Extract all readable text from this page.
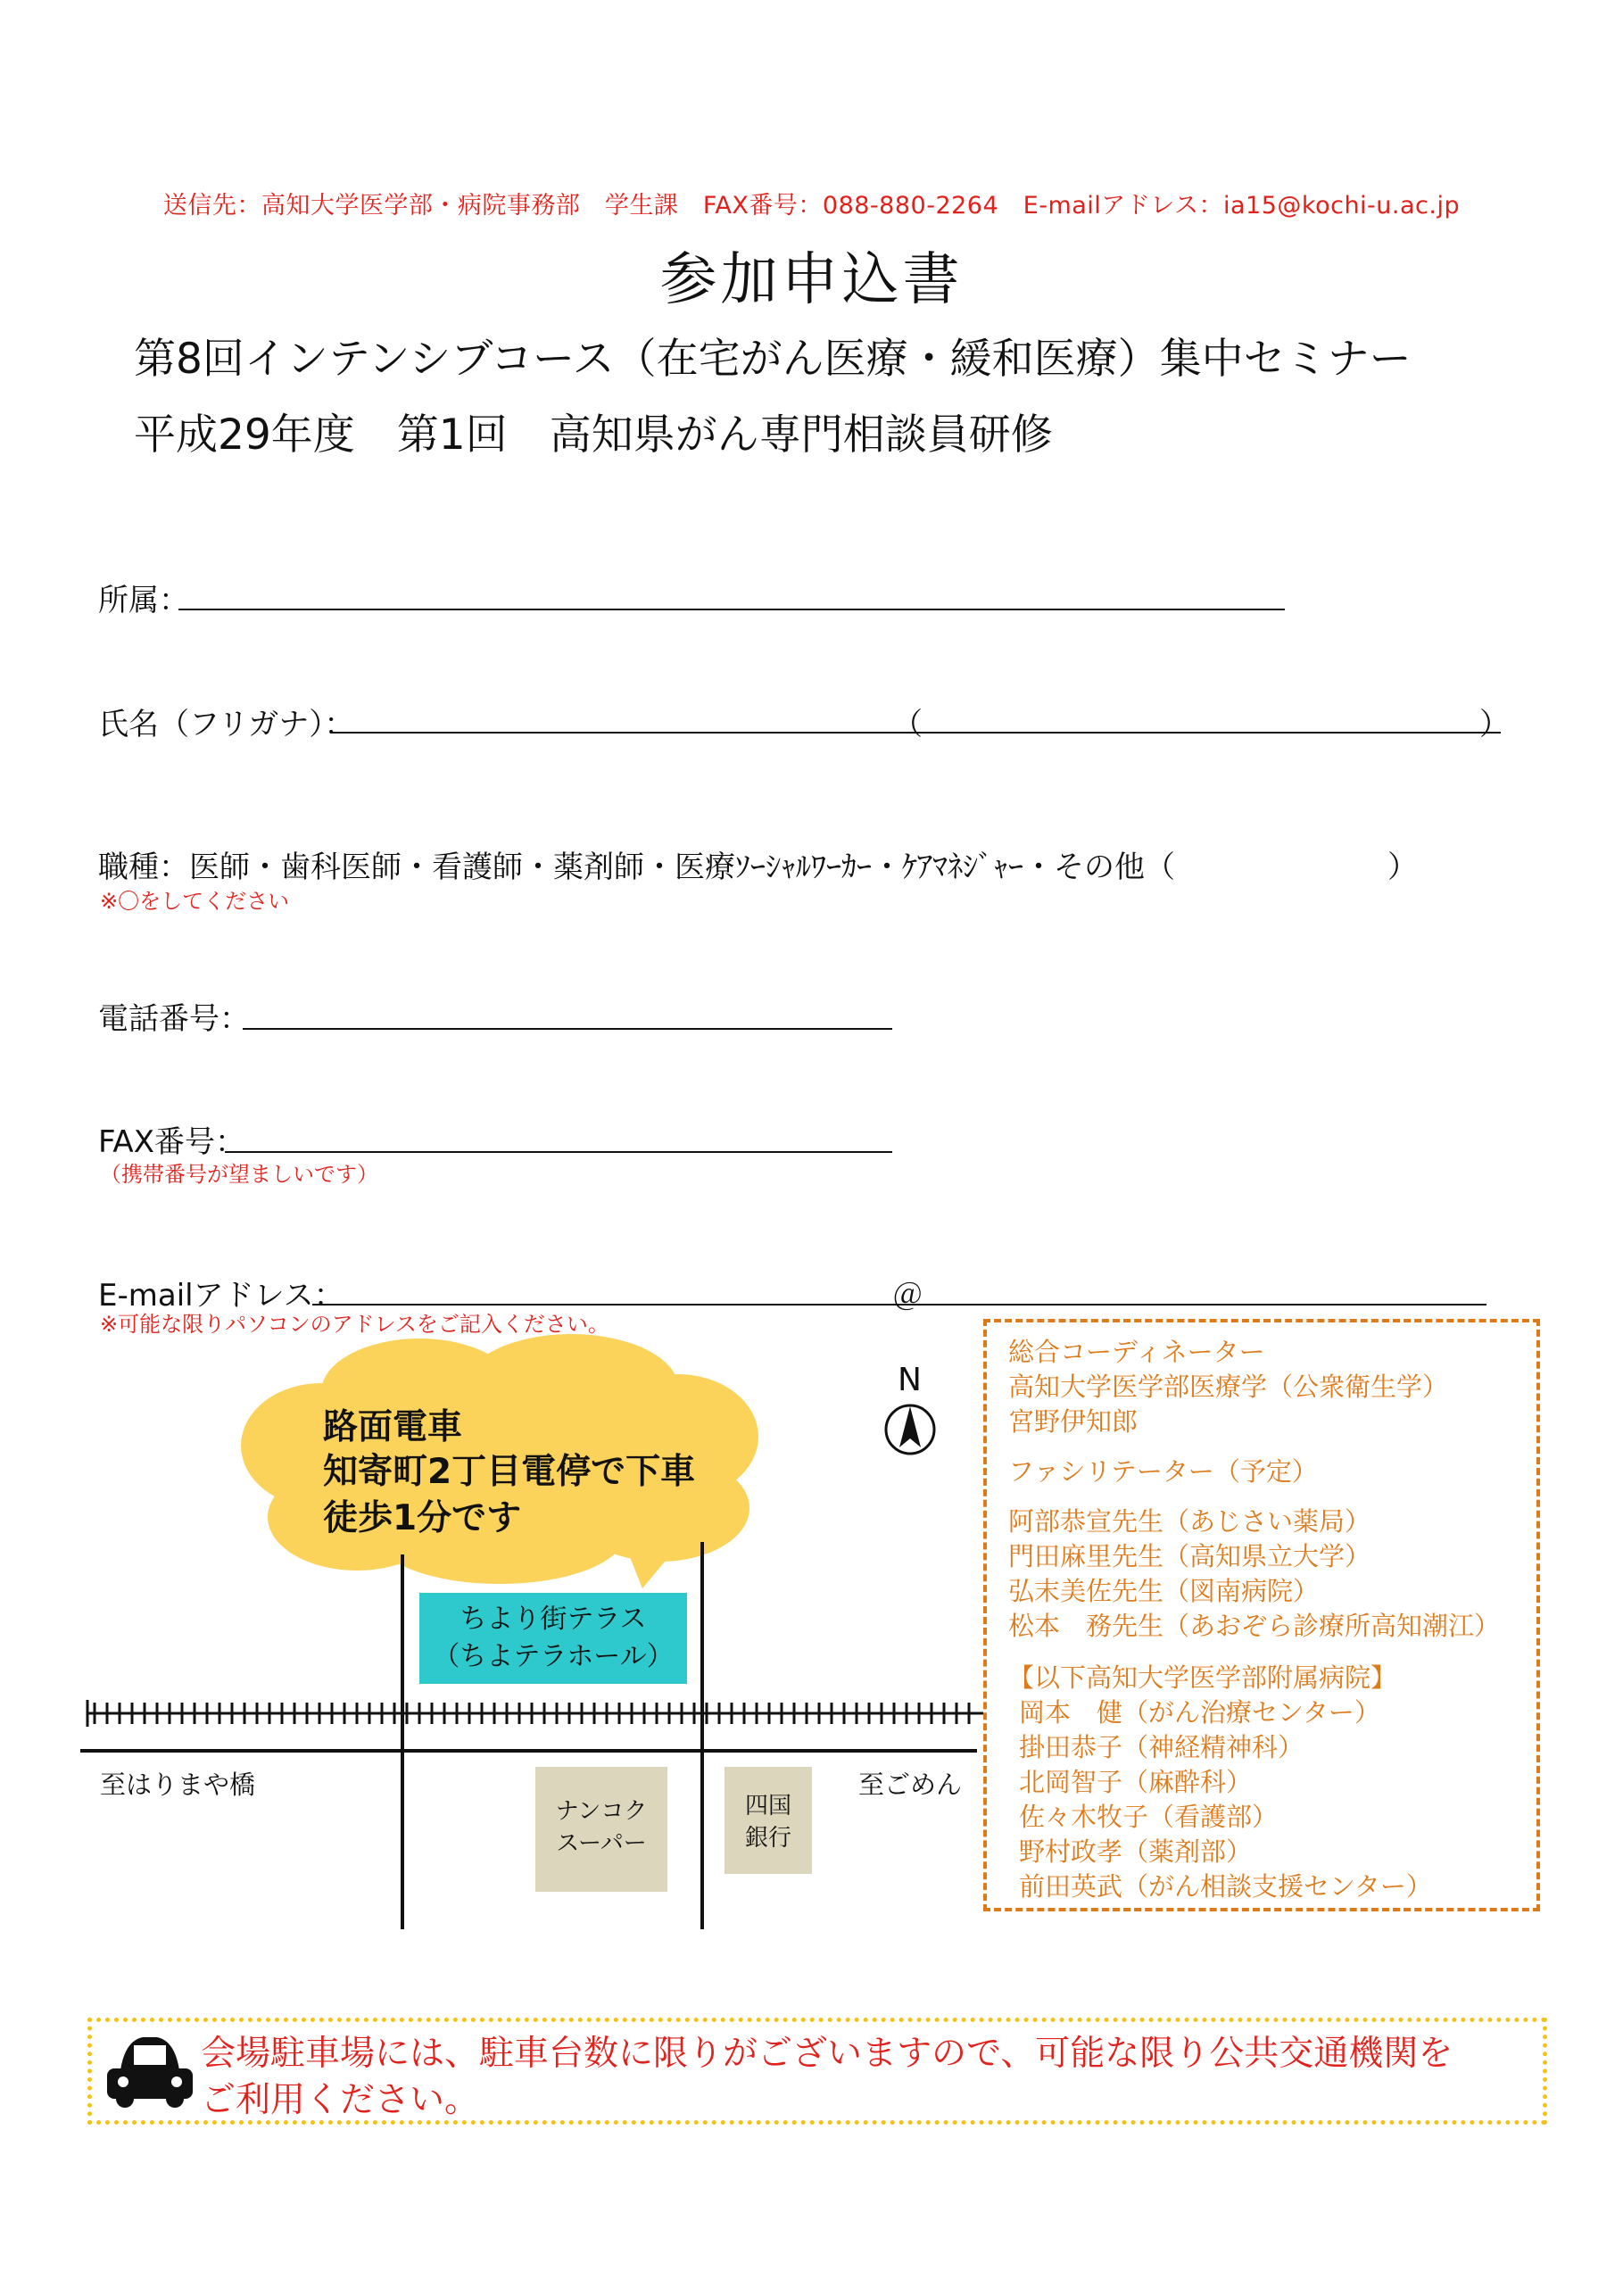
送信先：高知大学医学部・病院事務部　学生課　FAX番号：088-880-2264　E-mailアドレス：ia15@kochi-u.ac.jp
参加申込書
第8回インテンシブコース（在宅がん医療・緩和医療）集中セミナー
平成29年度　第1回　高知県がん専門相談員研修
所属：
氏名（フリガナ）：	（	）
職種：医師・歯科医師・看護師・薬剤師・医療ｿｰｼｬﾙﾜｰｶｰ・ｹｱﾏﾈｼﾞｬｰ・その他（　　　　　　　）
※〇をしてください
電話番号：
FAX番号：
（携帯番号が望ましいです）
E-mailアドレス：	＠
※可能な限りパソコンのアドレスをご記入ください。
路面電車
知寄町2丁目電停で下車
徒歩1分です
ちより街テラス
（ちよテラホール）
至はりまや橋	至ごめん
ナンコク
スーパー
四国
銀行
N
総合コーディネーター
高知大学医学部医療学（公衆衛生学）
宮野伊知郎
ファシリテーター（予定）
阿部恭宣先生（あじさい薬局）
門田麻里先生（高知県立大学）
弘末美佐先生（図南病院）
松本　務先生（あおぞら診療所高知潮江）
【以下高知大学医学部附属病院】
岡本　健（がん治療センター）
掛田恭子（神経精神科）
北岡智子（麻酔科）
佐々木牧子（看護部）
野村政孝（薬剤部）
前田英武（がん相談支援センター）
会場駐車場には、駐車台数に限りがございますので、可能な限り公共交通機関を
ご利用ください。
